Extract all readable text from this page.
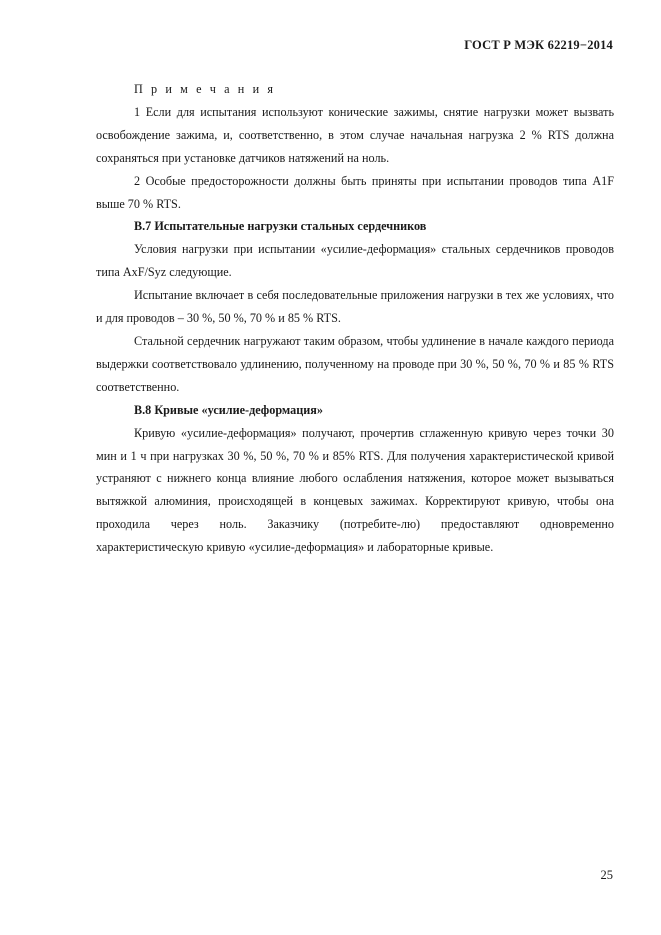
ГОСТ Р МЭК 62219−2014

П р и м е ч а н и я

1 Если для испытания используют конические зажимы, снятие нагрузки может вызвать освобождение зажима, и, соответственно, в этом случае начальная нагрузка 2 % RTS должна сохраняться при установке датчиков натяжений на ноль.

2 Особые предосторожности должны быть приняты при испытании проводов типа A1F выше 70 % RTS.

B.7 Испытательные нагрузки стальных сердечников

Условия нагрузки при испытании «усилие-деформация» стальных сердечников проводов типа AxF/Syz следующие.

Испытание включает в себя последовательные приложения нагрузки в тех же условиях, что и для проводов – 30 %, 50 %, 70 % и 85 % RTS.

Стальной сердечник нагружают таким образом, чтобы удлинение в начале каждого периода выдержки соответствовало удлинению, полученному на проводе при 30 %, 50 %, 70 % и 85 % RTS соответственно.

B.8 Кривые «усилие-деформация»

Кривую «усилие-деформация» получают, прочертив сглаженную кривую через точки 30 мин и 1 ч при нагрузках 30 %, 50 %, 70 % и 85% RTS. Для получения характеристической кривой устраняют с нижнего конца влияние любого ослабления натяжения, которое может вызываться вытяжкой алюминия, происходящей в концевых зажимах. Корректируют кривую, чтобы она проходила через ноль. Заказчику (потребите-лю) предоставляют одновременно характеристическую кривую «усилие-деформация» и лабораторные кривые.

25
